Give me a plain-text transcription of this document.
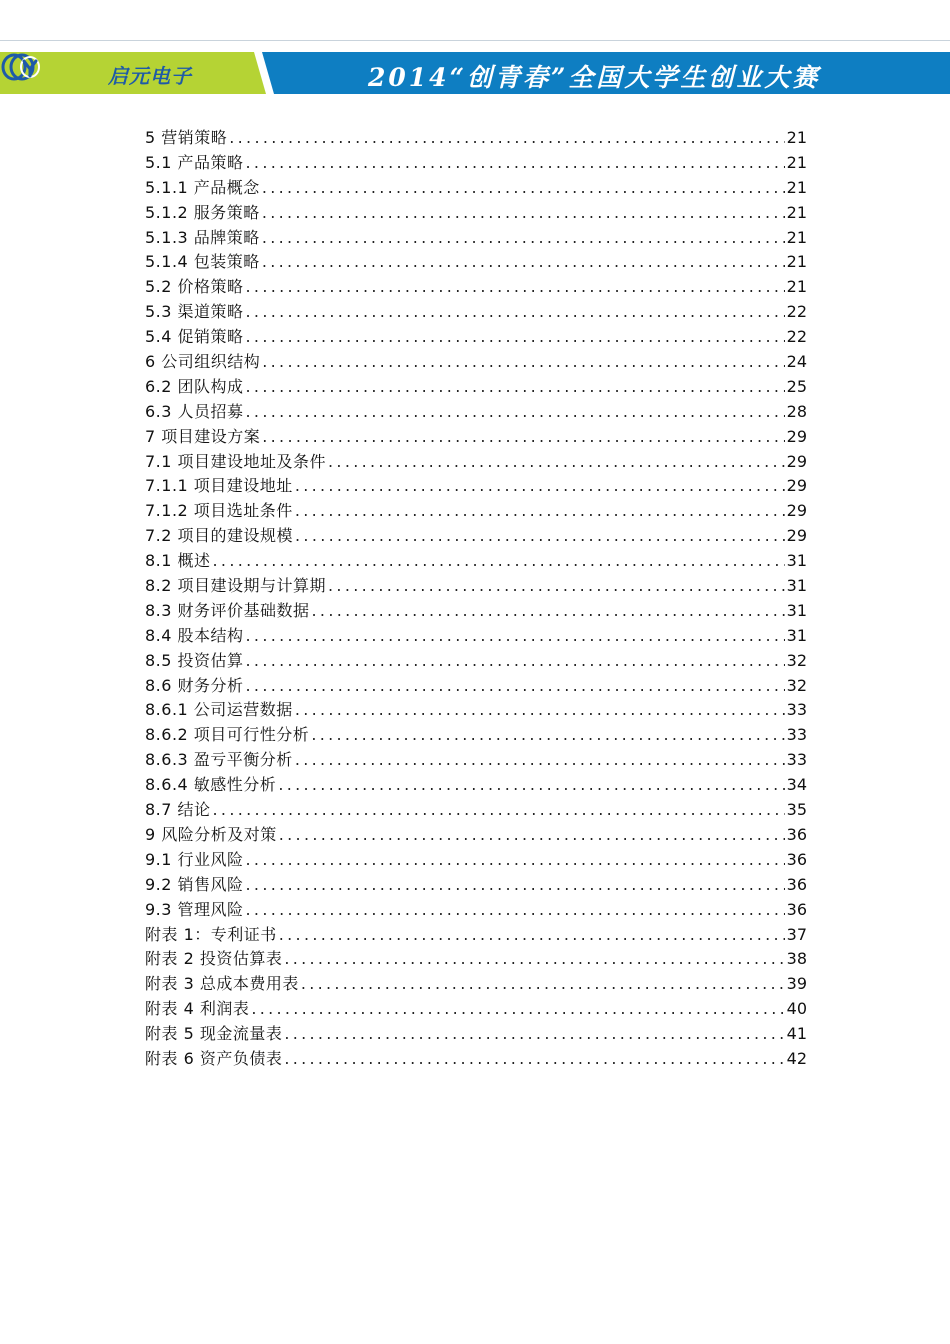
启元电子	2014“创青春”全国大学生创业大赛
5 营销策略 .....	21
5.1 产品策略 .....	21
5.1.1 产品概念 .....	21
5.1.2 服务策略 .....	21
5.1.3 品牌策略 .....	21
5.1.4 包装策略 .....	21
5.2 价格策略 .....	21
5.3 渠道策略 .....	22
5.4 促销策略 .....	22
6 公司组织结构 .....	24
6.2 团队构成 .....	25
6.3 人员招募 .....	28
7 项目建设方案 .....	29
7.1 项目建设地址及条件 .....	29
7.1.1 项目建设地址 .....	29
7.1.2 项目选址条件 .....	29
7.2 项目的建设规模 .....	29
8.1 概述 .....	31
8.2 项目建设期与计算期 .....	31
8.3 财务评价基础数据 .....	31
8.4 股本结构 .....	31
8.5 投资估算 .....	32
8.6 财务分析 .....	32
8.6.1 公司运营数据 .....	33
8.6.2 项目可行性分析 .....	33
8.6.3 盈亏平衡分析 .....	33
8.6.4 敏感性分析 .....	34
8.7 结论 .....	35
9 风险分析及对策 .....	36
9.1 行业风险 .....	36
9.2 销售风险 .....	36
9.3 管理风险 .....	36
附表 1：专利证书 .....	37
附表 2 投资估算表 .....	38
附表 3 总成本费用表 .....	39
附表 4 利润表 .....	40
附表 5 现金流量表 .....	41
附表 6 资产负债表 .....	42
